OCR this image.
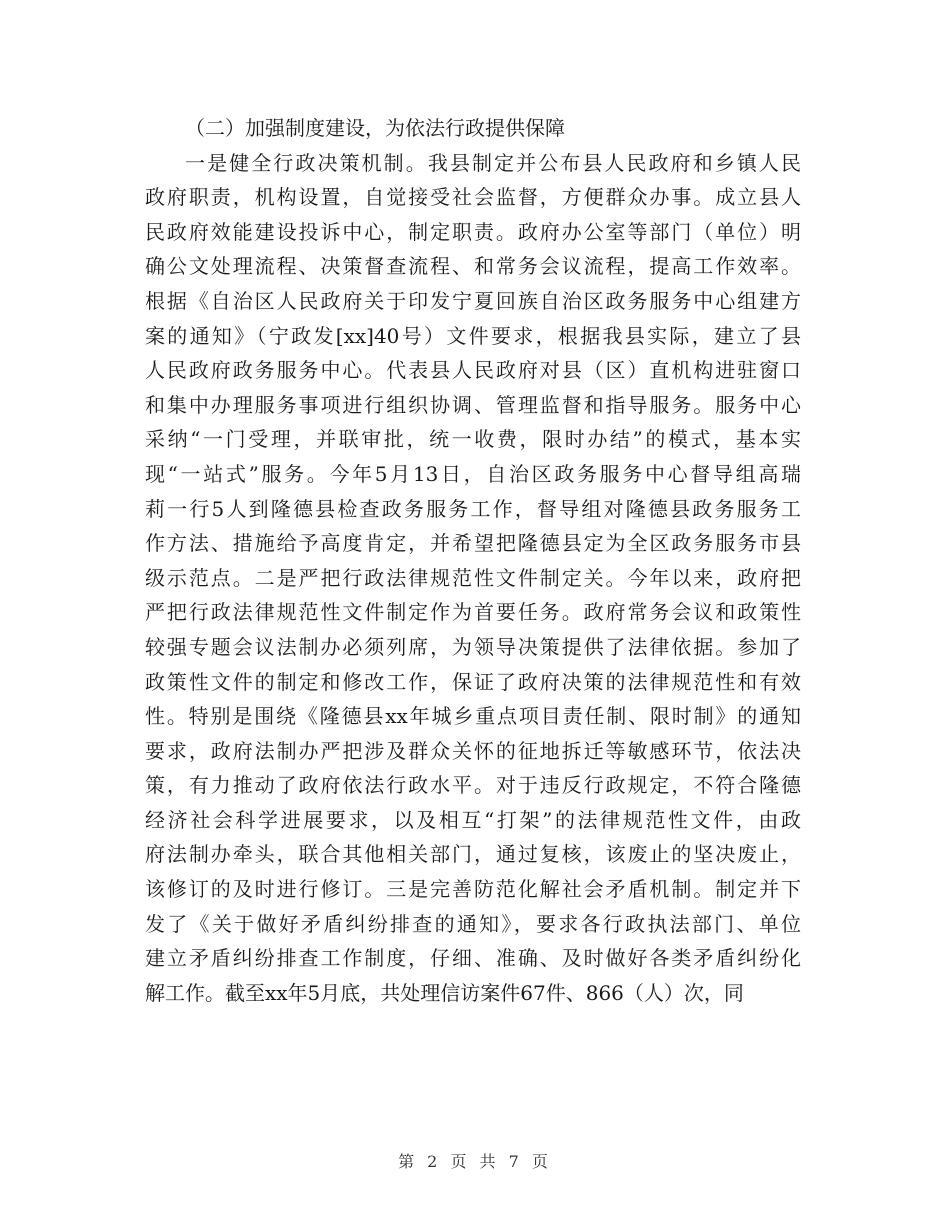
（二）加强制度建设，为依法行政提供保障
一是健全行政决策机制。我县制定并公布县人民政府和乡镇人民
政府职责，机构设置，自觉接受社会监督，方便群众办事。成立县人
民政府效能建设投诉中心，制定职责。政府办公室等部门（单位）明
确公文处理流程、决策督查流程、和常务会议流程，提高工作效率。
根据《自治区人民政府关于印发宁夏回族自治区政务服务中心组建方
案的通知》（宁政发[xx]40号）文件要求，根据我县实际，建立了县
人民政府政务服务中心。代表县人民政府对县（区）直机构进驻窗口
和集中办理服务事项进行组织协调、管理监督和指导服务。服务中心
采纳“一门受理，并联审批，统一收费，限时办结”的模式，基本实
现“一站式”服务。今年5月13日，自治区政务服务中心督导组高瑞
莉一行5人到隆德县检查政务服务工作，督导组对隆德县政务服务工
作方法、措施给予高度肯定，并希望把隆德县定为全区政务服务市县
级示范点。二是严把行政法律规范性文件制定关。今年以来，政府把
严把行政法律规范性文件制定作为首要任务。政府常务会议和政策性
较强专题会议法制办必须列席，为领导决策提供了法律依据。参加了
政策性文件的制定和修改工作，保证了政府决策的法律规范性和有效
性。特别是围绕《隆德县xx年城乡重点项目责任制、限时制》的通知
要求，政府法制办严把涉及群众关怀的征地拆迁等敏感环节，依法决
策，有力推动了政府依法行政水平。对于违反行政规定，不符合隆德
经济社会科学进展要求，以及相互“打架”的法律规范性文件，由政
府法制办牵头，联合其他相关部门，通过复核，该废止的坚决废止，
该修订的及时进行修订。三是完善防范化解社会矛盾机制。制定并下
发了《关于做好矛盾纠纷排查的通知》，要求各行政执法部门、单位
建立矛盾纠纷排查工作制度，仔细、准确、及时做好各类矛盾纠纷化
解工作。截至xx年5月底，共处理信访案件67件、866（人）次，同
第 2 页 共 7 页
